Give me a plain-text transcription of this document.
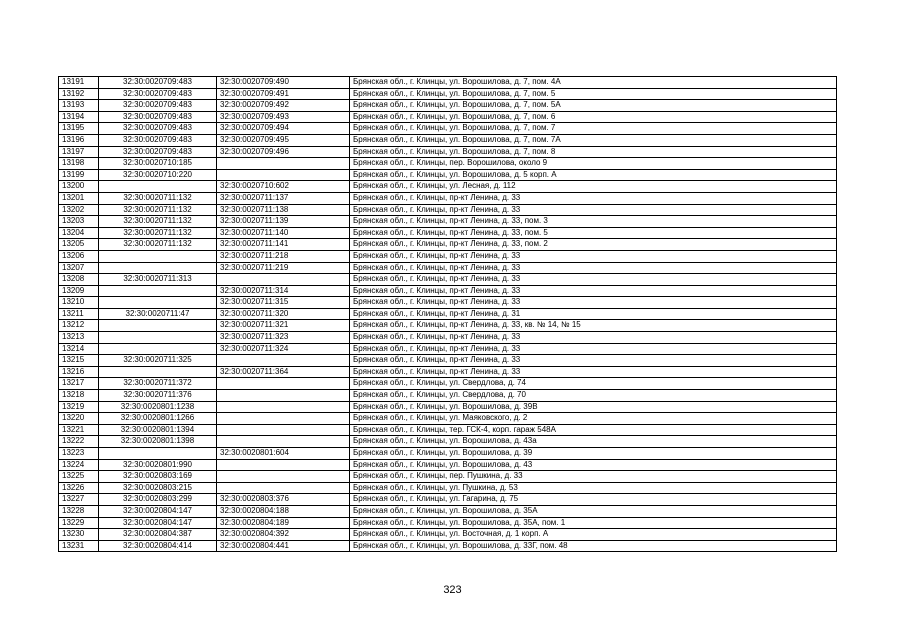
13191	32:30:0020709:483	32:30:0020709:490	Брянская обл., г. Клинцы, ул. Ворошилова, д. 7, пом. 4А
13192	32:30:0020709:483	32:30:0020709:491	Брянская обл., г. Клинцы, ул. Ворошилова, д. 7, пом. 5
13193	32:30:0020709:483	32:30:0020709:492	Брянская обл., г. Клинцы, ул. Ворошилова, д. 7, пом. 5А
13194	32:30:0020709:483	32:30:0020709:493	Брянская обл., г. Клинцы, ул. Ворошилова, д. 7, пом. 6
13195	32:30:0020709:483	32:30:0020709:494	Брянская обл., г. Клинцы, ул. Ворошилова, д. 7, пом. 7
13196	32:30:0020709:483	32:30:0020709:495	Брянская обл., г. Клинцы, ул. Ворошилова, д. 7, пом. 7А
13197	32:30:0020709:483	32:30:0020709:496	Брянская обл., г. Клинцы, ул. Ворошилова, д. 7, пом. 8
13198	32:30:0020710:185		Брянская обл., г. Клинцы, пер. Ворошилова, около 9
13199	32:30:0020710:220		Брянская обл., г. Клинцы, ул. Ворошилова, д. 5 корп. А
13200		32:30:0020710:602	Брянская обл., г. Клинцы, ул. Лесная, д. 112
13201	32:30:0020711:132	32:30:0020711:137	Брянская обл., г. Клинцы, пр-кт Ленина, д. 33
13202	32:30:0020711:132	32:30:0020711:138	Брянская обл., г. Клинцы, пр-кт Ленина, д. 33
13203	32:30:0020711:132	32:30:0020711:139	Брянская обл., г. Клинцы, пр-кт Ленина, д. 33, пом. 3
13204	32:30:0020711:132	32:30:0020711:140	Брянская обл., г. Клинцы, пр-кт Ленина, д. 33, пом. 5
13205	32:30:0020711:132	32:30:0020711:141	Брянская обл., г. Клинцы, пр-кт Ленина, д. 33, пом. 2
13206		32:30:0020711:218	Брянская обл., г. Клинцы, пр-кт Ленина, д. 33
13207		32:30:0020711:219	Брянская обл., г. Клинцы, пр-кт Ленина, д. 33
13208	32:30:0020711:313		Брянская обл., г. Клинцы, пр-кт Ленина, д. 33
13209		32:30:0020711:314	Брянская обл., г. Клинцы, пр-кт Ленина, д. 33
13210		32:30:0020711:315	Брянская обл., г. Клинцы, пр-кт Ленина, д. 33
13211	32:30:0020711:47	32:30:0020711:320	Брянская обл., г. Клинцы, пр-кт Ленина, д. 31
13212		32:30:0020711:321	Брянская обл., г. Клинцы, пр-кт Ленина, д. 33, кв. № 14, № 15
13213		32:30:0020711:323	Брянская обл., г. Клинцы, пр-кт Ленина, д. 33
13214		32:30:0020711:324	Брянская обл., г. Клинцы, пр-кт Ленина, д. 33
13215	32:30:0020711:325		Брянская обл., г. Клинцы, пр-кт Ленина, д. 33
13216		32:30:0020711:364	Брянская обл., г. Клинцы, пр-кт Ленина, д. 33
13217	32:30:0020711:372		Брянская обл., г. Клинцы, ул. Свердлова, д. 74
13218	32:30:0020711:376		Брянская обл., г. Клинцы, ул. Свердлова, д. 70
13219	32:30:0020801:1238		Брянская обл., г. Клинцы, ул. Ворошилова, д. 39В
13220	32:30:0020801:1266		Брянская обл., г. Клинцы, ул. Маяковского, д. 2
13221	32:30:0020801:1394		Брянская обл., г. Клинцы, тер. ГСК-4, корп. гараж 548А
13222	32:30:0020801:1398		Брянская обл., г. Клинцы, ул. Ворошилова, д. 43а
13223		32:30:0020801:604	Брянская обл., г. Клинцы, ул. Ворошилова, д. 39
13224	32:30:0020801:990		Брянская обл., г. Клинцы, ул. Ворошилова, д. 43
13225	32:30:0020803:169		Брянская обл., г. Клинцы, пер. Пушкина, д. 33
13226	32:30:0020803:215		Брянская обл., г. Клинцы, ул. Пушкина, д. 53
13227	32:30:0020803:299	32:30:0020803:376	Брянская обл., г. Клинцы, ул. Гагарина, д. 75
13228	32:30:0020804:147	32:30:0020804:188	Брянская обл., г. Клинцы, ул. Ворошилова, д. 35А
13229	32:30:0020804:147	32:30:0020804:189	Брянская обл., г. Клинцы, ул. Ворошилова, д. 35А, пом. 1
13230	32:30:0020804:387	32:30:0020804:392	Брянская обл., г. Клинцы, ул. Восточная, д. 1 корп. А
13231	32:30:0020804:414	32:30:0020804:441	Брянская обл., г. Клинцы, ул. Ворошилова, д. 33Г, пом. 48
323
